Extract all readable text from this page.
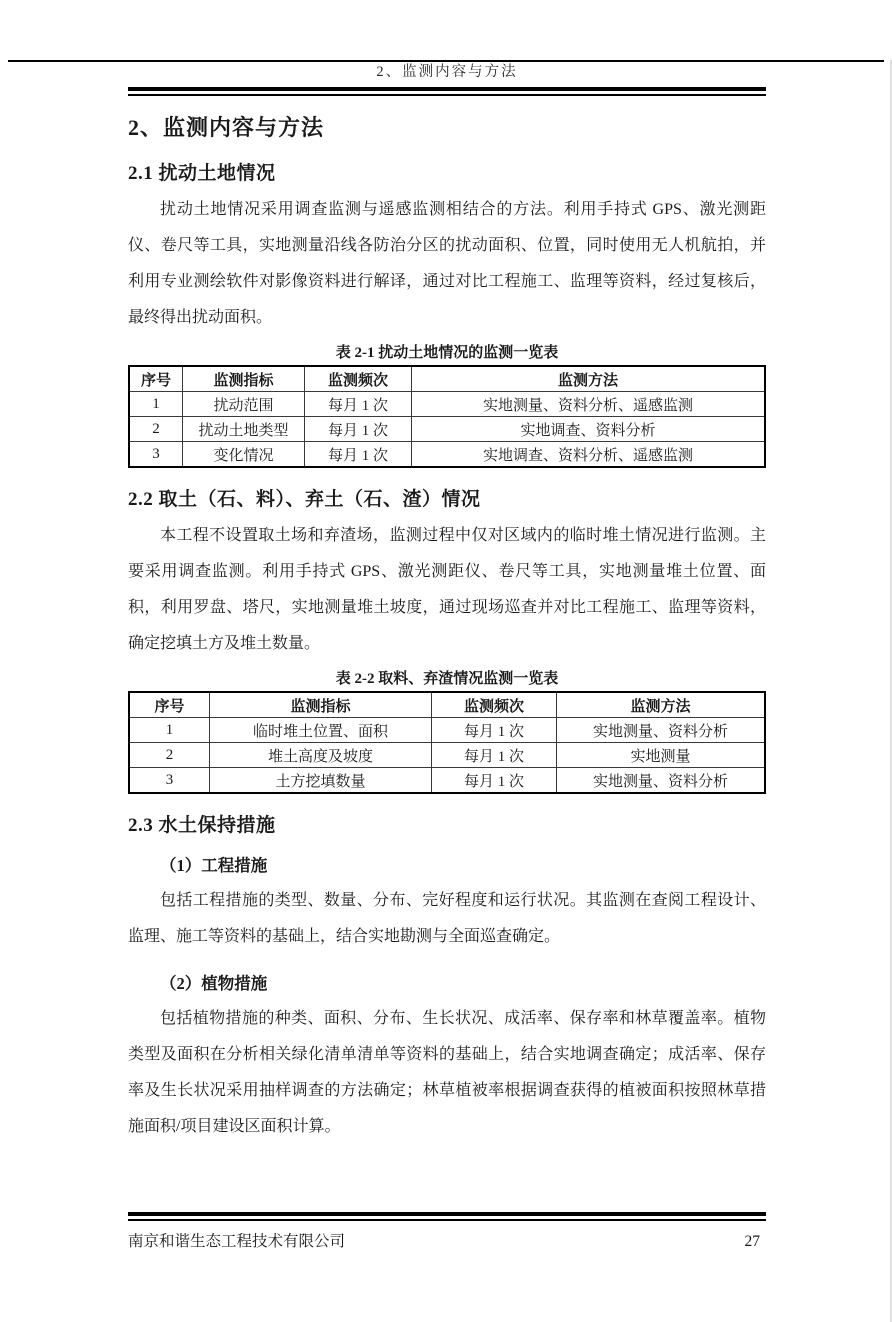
2、监测内容与方法
2、监测内容与方法
2.1 扰动土地情况

扰动土地情况采用调查监测与遥感监测相结合的方法。利用手持式 GPS、激光测距仪、卷尺等工具，实地测量沿线各防治分区的扰动面积、位置，同时使用无人机航拍，并利用专业测绘软件对影像资料进行解译，通过对比工程施工、监理等资料，经过复核后，最终得出扰动面积。

表 2-1 扰动土地情况的监测一览表
序号	监测指标	监测频次	监测方法
1	扰动范围	每月 1 次	实地测量、资料分析、遥感监测
2	扰动土地类型	每月 1 次	实地调查、资料分析
3	变化情况	每月 1 次	实地调查、资料分析、遥感监测
2.2 取土（石、料）、弃土（石、渣）情况

本工程不设置取土场和弃渣场，监测过程中仅对区域内的临时堆土情况进行监测。主要采用调查监测。利用手持式 GPS、激光测距仪、卷尺等工具，实地测量堆土位置、面积，利用罗盘、塔尺，实地测量堆土坡度，通过现场巡查并对比工程施工、监理等资料，确定挖填土方及堆土数量。

表 2-2 取料、弃渣情况监测一览表
序号	监测指标	监测频次	监测方法
1	临时堆土位置、面积	每月 1 次	实地测量、资料分析
2	堆土高度及坡度	每月 1 次	实地测量
3	土方挖填数量	每月 1 次	实地测量、资料分析
2.3 水土保持措施
（1）工程措施

包括工程措施的类型、数量、分布、完好程度和运行状况。其监测在查阅工程设计、监理、施工等资料的基础上，结合实地勘测与全面巡查确定。

（2）植物措施

包括植物措施的种类、面积、分布、生长状况、成活率、保存率和林草覆盖率。植物类型及面积在分析相关绿化清单清单等资料的基础上，结合实地调查确定；成活率、保存率及生长状况采用抽样调查的方法确定；林草植被率根据调查获得的植被面积按照林草措施面积/项目建设区面积计算。

南京和谐生态工程技术有限公司	27
